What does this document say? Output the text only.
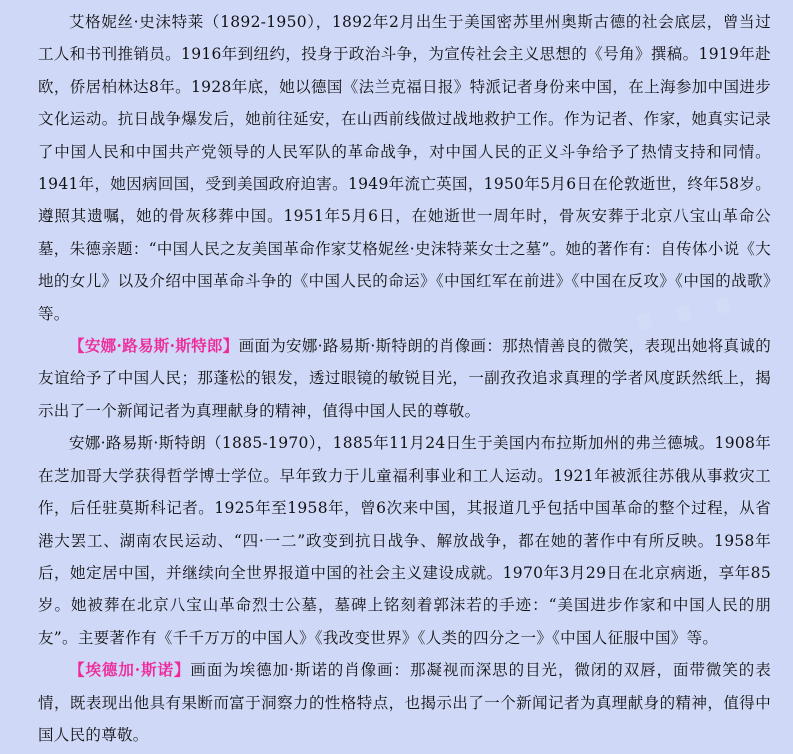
⋯

艾格妮丝·史沫特莱（1892-1950），1892年2月出生于美国密苏里州奥斯古德的社会底层，曾当过工人和书刊推销员。1916年到纽约，投身于政治斗争，为宣传社会主义思想的《号角》撰稿。1919年赴欧，侨居柏林达8年。1928年底，她以德国《法兰克福日报》特派记者身份来中国，在上海参加中国进步文化运动。抗日战争爆发后，她前往延安，在山西前线做过战地救护工作。作为记者、作家，她真实记录了中国人民和中国共产党领导的人民军队的革命战争，对中国人民的正义斗争给予了热情支持和同情。1941年，她因病回国，受到美国政府迫害。1949年流亡英国，1950年5月6日在伦敦逝世，终年58岁。遵照其遗嘱，她的骨灰移葬中国。1951年5月6日，在她逝世一周年时，骨灰安葬于北京八宝山革命公墓，朱德亲题：“中国人民之友美国革命作家艾格妮丝·史沫特莱女士之墓”。她的著作有：自传体小说《大地的女儿》以及介绍中国革命斗争的《中国人民的命运》《中国红军在前进》《中国在反攻》《中国的战歌》等。

【安娜·路易斯·斯特郎】画面为安娜·路易斯·斯特朗的肖像画：那热情善良的微笑，表现出她将真诚的友谊给予了中国人民；那蓬松的银发，透过眼镜的敏锐目光，一副孜孜追求真理的学者风度跃然纸上，揭示出了一个新闻记者为真理献身的精神，值得中国人民的尊敬。

安娜·路易斯·斯特朗（1885-1970），1885年11月24日生于美国内布拉斯加州的弗兰德城。1908年在芝加哥大学获得哲学博士学位。早年致力于儿童福利事业和工人运动。1921年被派往苏俄从事救灾工作，后任驻莫斯科记者。1925年至1958年，曾6次来中国，其报道几乎包括中国革命的整个过程，从省港大罢工、湖南农民运动、“四·一二”政变到抗日战争、解放战争，都在她的著作中有所反映。1958年后，她定居中国，并继续向全世界报道中国的社会主义建设成就。1970年3月29日在北京病逝，享年85岁。她被葬在北京八宝山革命烈士公墓，墓碑上铭刻着郭沫若的手迹：“美国进步作家和中国人民的朋友”。主要著作有《千千万万的中国人》《我改变世界》《人类的四分之一》《中国人征服中国》等。

【埃德加·斯诺】画面为埃德加·斯诺的肖像画：那凝视而深思的目光，微闭的双唇，面带微笑的表情，既表现出他具有果断而富于洞察力的性格特点，也揭示出了一个新闻记者为真理献身的精神，值得中国人民的尊敬。
